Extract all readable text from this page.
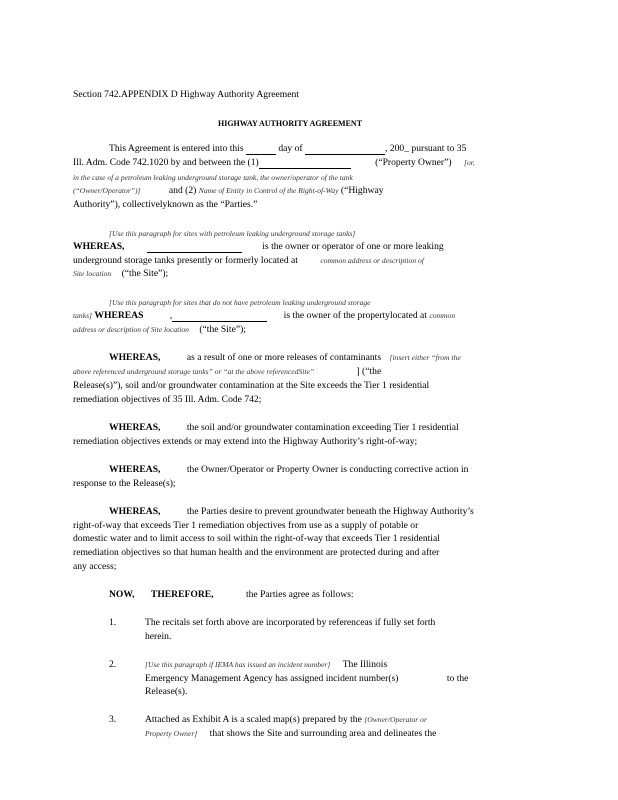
Section 742.APPENDIX D Highway Authority Agreement
HIGHWAY AUTHORITY AGREEMENT
This Agreement is entered into this	day of	, 200_ pursuant to 35
Ill. Adm. Code 742.1020 by and between the (1)	(“Property Owner”) [or,
in the case of a petroleum leaking underground storage tank, the owner/operator of the tank
(“Owner/Operator”)]	and (2) Name of Entity in Control of the Right-of-Way (“Highway
Authority”), collectivelyknown as the “Parties.”
[Use this paragraph for sites with petroleum leaking underground storage tanks]
WHEREAS,	is the owner or operator of one or more leaking
underground storage tanks presently or formerly located at	common address or description of
Site location (“the Site”);
[Use this paragraph for sites that do not have petroleum leaking underground storage
tanks] WHEREAS	,	is the owner of the propertylocated at common
address or description of Site location (“the Site”);
WHEREAS,	as a result of one or more releases of contaminants [insert either “from the
above referenced underground storage tanks” or “at the above referencedSite”	] (“the
Release(s)”), soil and/or groundwater contamination at the Site exceeds the Tier 1 residential
remediation objectives of 35 Ill. Adm. Code 742;
WHEREAS,	the soil and/or groundwater contamination exceeding Tier 1 residential
remediation objectives extends or may extend into the Highway Authority’s right-of-way;
WHEREAS,	the Owner/Operator or Property Owner is conducting corrective action in
response to the Release(s);
WHEREAS,	the Parties desire to prevent groundwater beneath the Highway Authority’s
right-of-way that exceeds Tier 1 remediation objectives from use as a supply of potable or
domestic water and to limit access to soil within the right-of-way that exceeds Tier 1 residential
remediation objectives so that human health and the environment are protected during and after
any access;
NOW, THEREFORE,	the Parties agree as follows:
1.	The recitals set forth above are incorporated by referenceas if fully set forth
herein.
2.	[Use this paragraph if IEMA has issued an incident number] The Illinois
Emergency Management Agency has assigned incident number(s)	to the
Release(s).
3.	Attached as Exhibit A is a scaled map(s) prepared by the [Owner/Operator or
Property Owner] that shows the Site and surrounding area and delineates the
